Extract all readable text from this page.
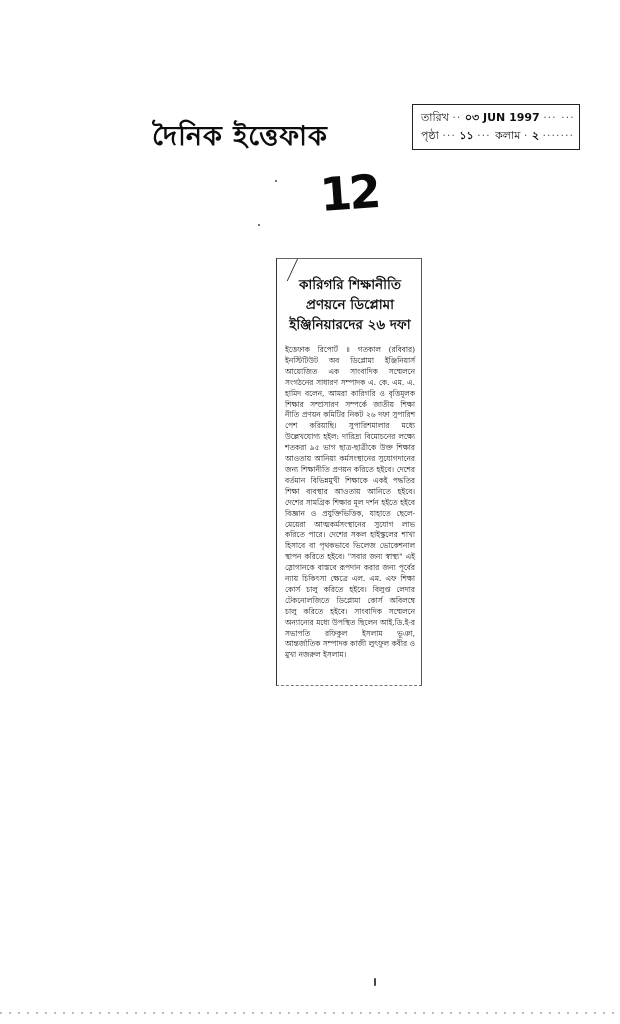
দৈনিক ইত্তেফাক
তারিখ ·· ০৩ JUN 1997 ··· ···
পৃষ্ঠা ··· ১১ ··· কলাম · ২ ·······
12
কারিগরি শিক্ষানীতি
প্রণয়নে ডিপ্লোমা
ইঞ্জিনিয়ারদের ২৬ দফা
ইত্তেফাক রিপোর্ট ॥ গতকাল (রবিবার) ইনস্টিটিউট অব ডিপ্লোমা ইঞ্জিনিয়ার্স আয়োজিত এক সাংবাদিক সম্মেলনে সংগঠনের সাধারণ সম্পাদক এ. কে. এম. এ. হামিদ বলেন, আমরা কারিগরি ও বৃত্তিমূলক শিক্ষার সম্প্রসারণ সম্পর্কে জাতীয় শিক্ষা নীতি প্রণয়ন কমিটির নিকট ২৬ দফা সুপারিশ পেশ করিয়াছি। সুপারিশমালার মধ্যে উল্লেখযোগ্য হইল: দারিদ্র্য বিমোচনের লক্ষ্যে শতকরা ৯৫ ভাগ ছাত্র-ছাত্রীকে উক্ত শিক্ষার আওতায় আনিয়া কর্মসংস্থানের সুযোগদানের জন্য শিক্ষানীতি প্রণয়ন করিতে হইবে। দেশের বর্তমান বিভিন্নমুখী শিক্ষাকে একই পদ্ধতির শিক্ষা ব্যবস্থার আওতায় আনিতে হইবে। দেশের সামগ্রিক শিক্ষার মূল দর্শন হইতে হইবে বিজ্ঞান ও প্রযুক্তিভিত্তিক, যাহাতে ছেলে-মেয়েরা আত্মকর্মসংস্থানের সুযোগ লাভ করিতে পারে। দেশের সকল হাইস্কুলের শাখা হিসাবে বা পৃথকভাবে ভিলেজ ভোকেশনাল স্থাপন করিতে হইবে। "সবার জন্য স্বাস্থ্য" এই স্লোগানকে বাস্তবে রূপদান করার জন্য পূর্বের ন্যায় চিকিৎসা ক্ষেত্রে এল. এম. এফ শিক্ষা কোর্স চালু করিতে হইবে। বিলুপ্ত লেদার টেকনোলজিতে ডিপ্লোমা কোর্স অবিলম্বে চালু করিতে হইবে। সাংবাদিক সম্মেলনে অন্যান্যের মধ্যে উপস্থিত ছিলেন আই.ডি.ই-র সভাপতি রফিকুল ইসলাম ভূঞা, আন্তর্জাতিক সম্পাদক কাজী লুৎফুল কবীর ও মুখা নজরুল ইসলাম।
